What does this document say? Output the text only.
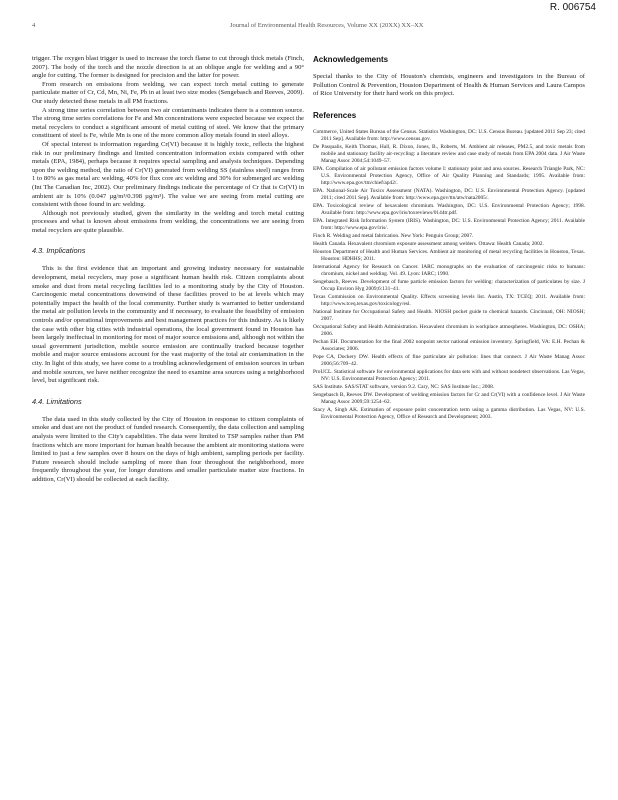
4	Journal of Environmental Health Resources, Volume XX (20XX) XX–XX
R. 006754

trigger. The oxygen blast trigger is used to increase the torch flame to cut through thick metals (Finch, 2007). The body of the torch and the nozzle direction is at an oblique angle for welding and a 90° angle for cutting. The former is designed for precision and the latter for power.

From research on emissions from welding, we can expect torch metal cutting to generate particulate matter of Cr, Cd, Mn, Ni, Fe, Pb in at least two size modes (Sengebasch and Reeves, 2009). Our study detected these metals in all PM fractions.

A strong time series correlation between two air contaminants indicates there is a common source. The strong time series correlations for Fe and Mn concentrations were expected because we expect the metal recyclers to conduct a significant amount of metal cutting of steel. We know that the primary constituent of steel is Fe, while Mn is one of the more common alloy metals found in steel alloys.

Of special interest is information regarding Cr(VI) because it is highly toxic, reflects the highest risk in our preliminary findings and limited concentration information exists compared with other metals (EPA, 1984), perhaps because it requires special sampling and analysis techniques. Depending upon the welding method, the ratio of Cr(VI) generated from welding SS (stainless steel) ranges from 1 to 80% as gas metal arc welding, 40% for flux core arc welding and 30% for submerged arc welding (Int The Canadian Inc, 2002). Our preliminary findings indicate the percentage of Cr that is Cr(VI) in ambient air is 10% (0.047 µg/m³/0.398 µg/m³). The value we are seeing from metal cutting are consistent with those found in arc welding.

Although not previously studied, given the similarity in the welding and torch metal cutting processes and what is known about emissions from welding, the concentrations we are seeing from metal recyclers are quite plausible.

4.3. Implications

This is the first evidence that an important and growing industry necessary for sustainable development, metal recyclers, may pose a significant human health risk. Citizen complaints about smoke and dust from metal recycling facilities led to a monitoring study by the City of Houston. Carcinogenic metal concentrations downwind of these facilities proved to be at levels which may potentially impact the health of the local community. Further study is warranted to better understand the metal air pollution levels in the community and if necessary, to evaluate the feasibility of emission controls and/or operational improvements and best management practices for this industry. As is likely the case with other big cities with industrial operations, the local government found in Houston has been largely ineffectual in monitoring for most of major source emissions and, although not within the usual government jurisdiction, mobile source emission are continually tracked because together mobile and major source emissions account for the vast majority of the total air contamination in the city. In light of this study, we have come to a troubling acknowledgement of emission sources in urban and mobile sources, we have neither recognize the need to examine area sources using a neighborhood level, but significant risk.

4.4. Limitations

The data used in this study collected by the City of Houston in response to citizen complaints of smoke and dust are not the product of funded research. Consequently, the data collection and sampling analysis were limited to the City's capabilities. The data were limited to TSP samples rather than PM fractions which are more important for human health because the ambient air monitoring stations were limited to just a few samples over 8 hours on the days of high ambient, sampling periods per facility. Future research should include sampling of more than four throughout the neighborhood, more frequently throughout the year, for longer durations and smaller particulate matter size fractions. In addition, Cr(VI) should be collected at each facility.

Acknowledgements

Special thanks to the City of Houston's chemists, engineers and investigators in the Bureau of Pollution Control & Prevention, Houston Department of Health & Human Services and Laura Campos of Rice University for their hard work on this project.

References
Commerce, United States Bureau of the Census. Statistics Washington, DC: U.S. Census Bureau. [updated 2011 Sep 23; cited 2011 Sep]. Available from: http://www.census.gov.
De Pasqualis, Keith Thomas, Hall, R. Dixon, Jones, B., Roberts, M. Ambient air releases, PM2.5, and toxic metals from mobile and stationary facility air-recycling: a literature review and case study of metals from EPA 2004 data. J Air Waste Manag Assoc 2004;54:1049–57.
EPA. Compilation of air pollutant emission factors volume I: stationary point and area sources. Research Triangle Park, NC: U.S. Environmental Protection Agency, Office of Air Quality Planning and Standards; 1995. Available from: http://www.epa.gov/ttn/chief/ap42/.
EPA. National-Scale Air Toxics Assessment (NATA). Washington, DC: U.S. Environmental Protection Agency. [updated 2011; cited 2011 Sep]. Available from: http://www.epa.gov/ttn/atw/nata2005/.
EPA. Toxicological review of hexavalent chromium. Washington, DC: U.S. Environmental Protection Agency; 1998. Available from: http://www.epa.gov/iris/toxreviews/0144tr.pdf.
EPA. Integrated Risk Information System (IRIS). Washington, DC: U.S. Environmental Protection Agency; 2011. Available from: http://www.epa.gov/iris/.
Finch R. Welding and metal fabrication. New York: Penguin Group; 2007.
Health Canada. Hexavalent chromium exposure assessment among welders. Ottawa: Health Canada; 2002.
Houston Department of Health and Human Services. Ambient air monitoring of metal recycling facilities in Houston, Texas. Houston: HDHHS; 2011.
International Agency for Research on Cancer. IARC monographs on the evaluation of carcinogenic risks to humans: chromium, nickel and welding. Vol. 49. Lyon: IARC; 1990.
Sengebasch, Reeves. Development of fume particle emission factors for welding: characterization of particulates by size. J Occup Environ Hyg 2009;6:131–41.
Texas Commission on Environmental Quality. Effects screening levels list. Austin, TX: TCEQ; 2011. Available from: http://www.tceq.texas.gov/toxicology/esl.
National Institute for Occupational Safety and Health. NIOSH pocket guide to chemical hazards. Cincinnati, OH: NIOSH; 2007.
Occupational Safety and Health Administration. Hexavalent chromium in workplace atmospheres. Washington, DC: OSHA; 2006.
Pechan EH. Documentation for the final 2002 nonpoint sector national emission inventory. Springfield, VA: E.H. Pechan & Associates; 2006.
Pope CA, Dockery DW. Health effects of fine particulate air pollution: lines that connect. J Air Waste Manag Assoc 2006;56:709–42.
ProUCL. Statistical software for environmental applications for data sets with and without nondetect observations. Las Vegas, NV: U.S. Environmental Protection Agency; 2011.
SAS Institute. SAS/STAT software, version 9.2. Cary, NC: SAS Institute Inc.; 2008.
Sengebasch B, Reeves DW. Development of welding emission factors for Cr and Cr(VI) with a confidence level. J Air Waste Manag Assoc 2009;59:1254–62.
Stacy A, Singh AK. Estimation of exposure point concentration term using a gamma distribution. Las Vegas, NV: U.S. Environmental Protection Agency, Office of Research and Development; 2003.
